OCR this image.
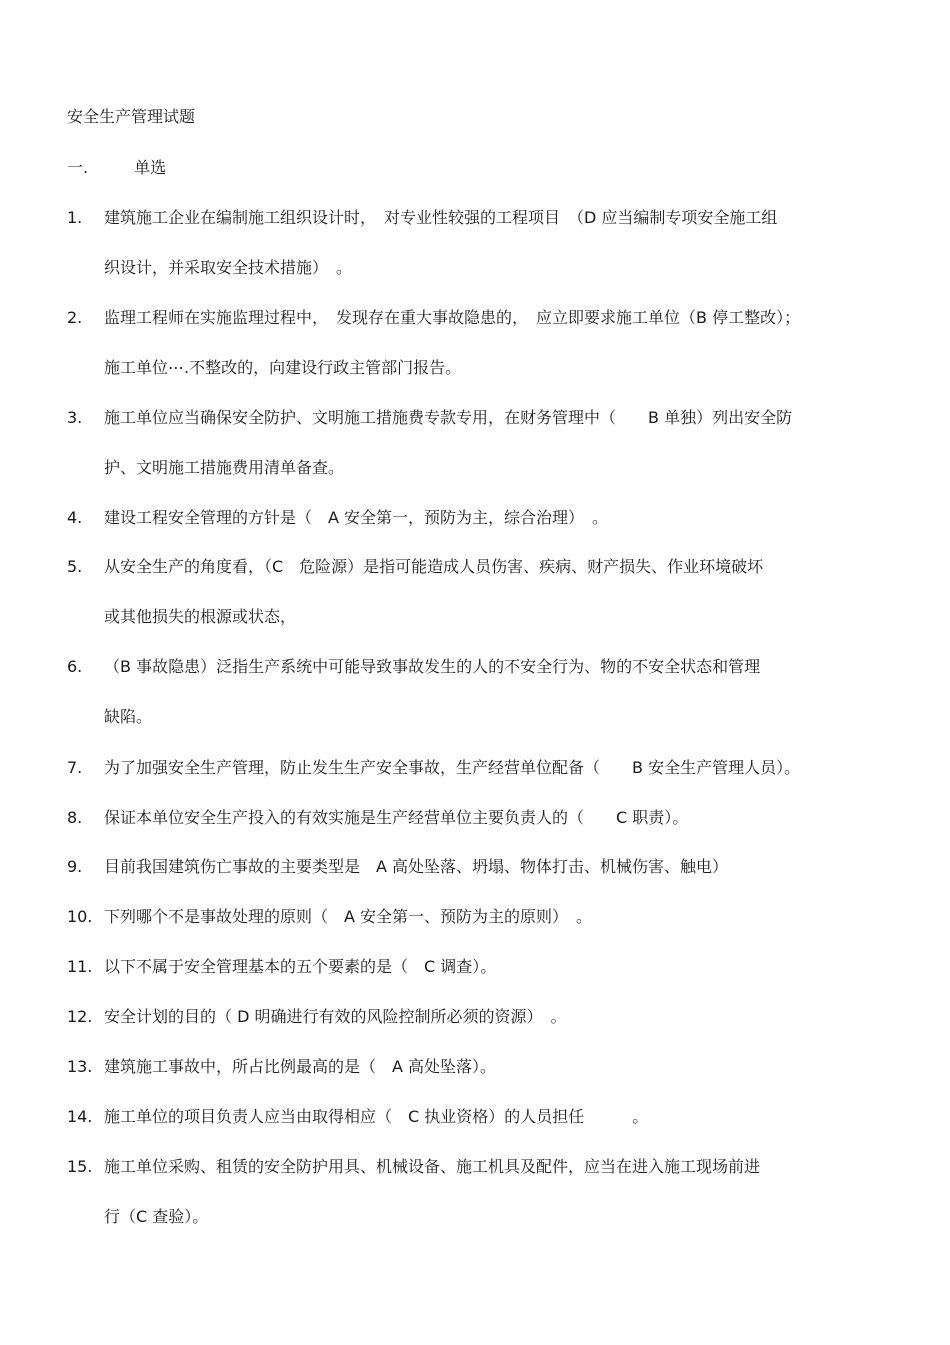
安全生产管理试题
一.	单选
1. 建筑施工企业在编制施工组织设计时，　对专业性较强的工程项目　（D 应当编制专项安全施工组
织设计，并采取安全技术措施）　。
2. 监理工程师在实施监理过程中，　发现存在重大事故隐患的，　应立即要求施工单位（B 停工整改）；
施工单位⋯.不整改的，向建设行政主管部门报告。
3. 施工单位应当确保安全防护、文明施工措施费专款专用，在财务管理中（　　B 单独）列出安全防
护、文明施工措施费用清单备查。
4. 建设工程安全管理的方针是（　A 安全第一，预防为主，综合治理）　。
5. 从安全生产的角度看，（C　危险源）是指可能造成人员伤害、疾病、财产损失、作业环境破坏
或其他损失的根源或状态，
6. （B 事故隐患）泛指生产系统中可能导致事故发生的人的不安全行为、物的不安全状态和管理
缺陷。
7. 为了加强安全生产管理，防止发生生产安全事故，生产经营单位配备（　　B 安全生产管理人员）。
8. 保证本单位安全生产投入的有效实施是生产经营单位主要负责人的（　　C 职责）。
9. 目前我国建筑伤亡事故的主要类型是　A 高处坠落、坍塌、物体打击、机械伤害、触电）
10. 下列哪个不是事故处理的原则（　A 安全第一、预防为主的原则）　。
11. 以下不属于安全管理基本的五个要素的是（　C 调查）。
12. 安全计划的目的（ D 明确进行有效的风险控制所必须的资源）　。
13. 建筑施工事故中，所占比例最高的是（　A 高处坠落）。
14. 施工单位的项目负责人应当由取得相应（　C 执业资格）的人员担任　　　。
15. 施工单位采购、租赁的安全防护用具、机械设备、施工机具及配件，应当在进入施工现场前进
行（C 查验）。
